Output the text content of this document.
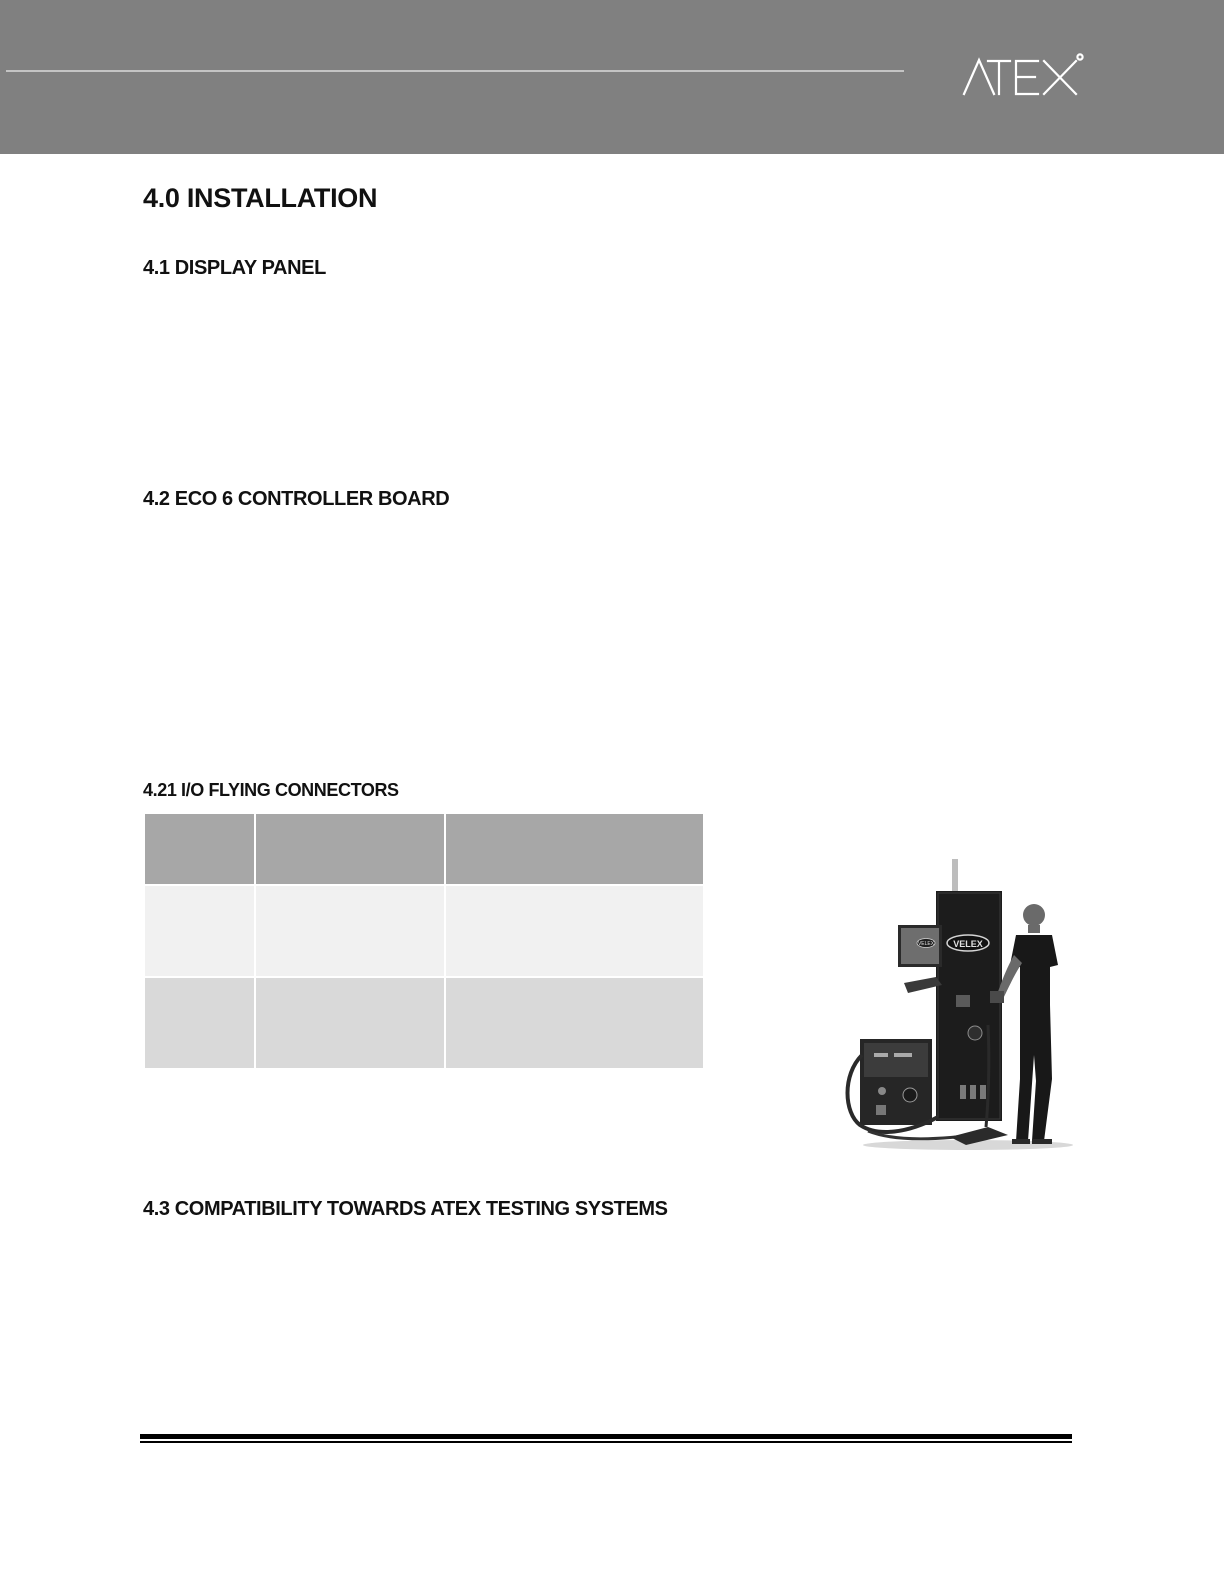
4.0 INSTALLATION
4.1 DISPLAY PANEL
4.2 ECO 6 CONTROLLER BOARD
4.21 I/O FLYING CONNECTORS

VELEX
VELEX
4.3 COMPATIBILITY TOWARDS ATEX TESTING SYSTEMS
